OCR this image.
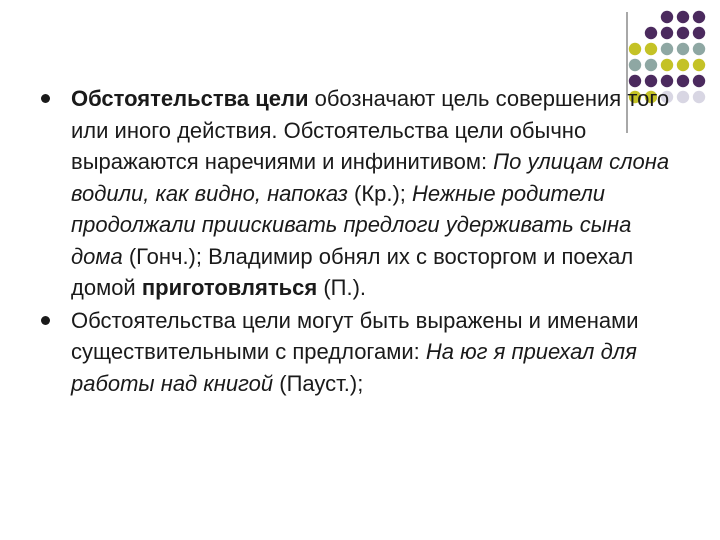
Обстоятельства цели обозначают цель совершения того или иного действия. Обстоятельства цели обычно выражаются наречиями и инфинитивом: По улицам слона водили, как видно, напоказ (Кр.); Нежные родители продолжали приискивать предлоги удерживать сына дома (Гонч.); Владимир обнял их с восторгом и поехал домой приготовляться (П.).
Обстоятельства цели могут быть выражены и именами существительными с предлогами: На юг я приехал для работы над книгой (Пауст.);
